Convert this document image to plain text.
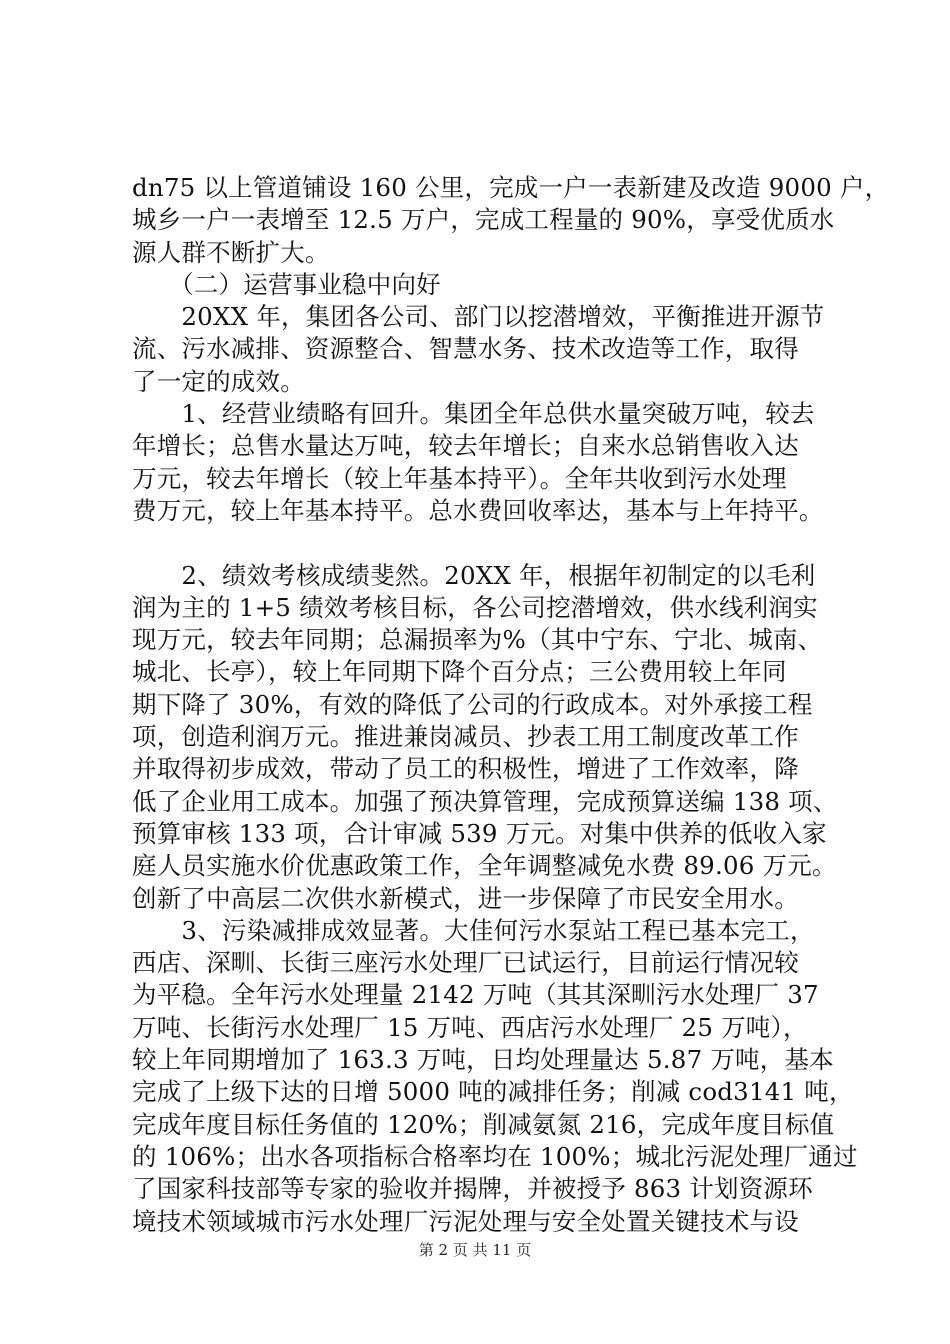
dn75 以上管道铺设 160 公里，完成一户一表新建及改造 9000 户，
城乡一户一表增至 12.5 万户，完成工程量的 90%，享受优质水
源人群不断扩大。
　　（二）运营事业稳中向好
　　20XX 年，集团各公司、部门以挖潜增效，平衡推进开源节
流、污水减排、资源整合、智慧水务、技术改造等工作，取得
了一定的成效。
　　1、经营业绩略有回升。集团全年总供水量突破万吨，较去
年增长；总售水量达万吨，较去年增长；自来水总销售收入达
万元，较去年增长（较上年基本持平）。全年共收到污水处理
费万元，较上年基本持平。总水费回收率达，基本与上年持平。
　　2、绩效考核成绩斐然。20XX 年，根据年初制定的以毛利
润为主的 1+5 绩效考核目标，各公司挖潜增效，供水线利润实
现万元，较去年同期；总漏损率为%（其中宁东、宁北、城南、
城北、长亭），较上年同期下降个百分点；三公费用较上年同
期下降了 30%，有效的降低了公司的行政成本。对外承接工程
项，创造利润万元。推进兼岗减员、抄表工用工制度改革工作
并取得初步成效，带动了员工的积极性，增进了工作效率，降
低了企业用工成本。加强了预决算管理，完成预算送编 138 项、
预算审核 133 项，合计审减 539 万元。对集中供养的低收入家
庭人员实施水价优惠政策工作，全年调整减免水费 89.06 万元。
创新了中高层二次供水新模式，进一步保障了市民安全用水。
　　3、污染减排成效显著。大佳何污水泵站工程已基本完工，
西店、深甽、长街三座污水处理厂已试运行，目前运行情况较
为平稳。全年污水处理量 2142 万吨（其其深甽污水处理厂 37
万吨、长街污水处理厂 15 万吨、西店污水处理厂 25 万吨），
较上年同期增加了 163.3 万吨，日均处理量达 5.87 万吨，基本
完成了上级下达的日增 5000 吨的减排任务；削减 cod3141 吨，
完成年度目标任务值的 120%；削减氨氮 216，完成年度目标值
的 106%；出水各项指标合格率均在 100%；城北污泥处理厂通过
了国家科技部等专家的验收并揭牌，并被授予 863 计划资源环
境技术领域城市污水处理厂污泥处理与安全处置关键技术与设
第 2 页 共 11 页
